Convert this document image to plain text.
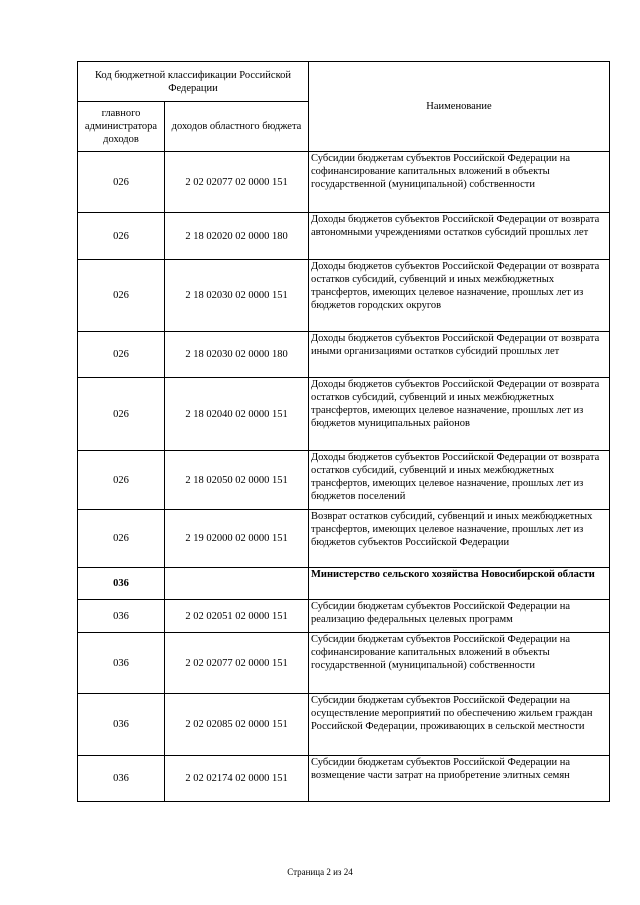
Код бюджетной классификации Российской Федерации		Наименование
главного администратора доходов	доходов областного бюджета	
026	2 02 02077 02 0000 151	Субсидии бюджетам субъектов Российской Федерации на софинансирование капитальных вложений в объекты государственной (муниципальной) собственности
026	2 18 02020 02 0000 180	Доходы бюджетов субъектов Российской Федерации от возврата автономными учреждениями остатков субсидий прошлых лет
026	2 18 02030 02 0000 151	Доходы бюджетов субъектов Российской Федерации от возврата остатков субсидий, субвенций и иных межбюджетных трансфертов, имеющих целевое назначение, прошлых лет из бюджетов городских округов
026	2 18 02030 02 0000 180	Доходы бюджетов субъектов Российской Федерации от возврата иными организациями остатков субсидий прошлых лет
026	2 18 02040 02 0000 151	Доходы бюджетов субъектов Российской Федерации от возврата остатков субсидий, субвенций и иных межбюджетных трансфертов, имеющих целевое назначение, прошлых лет из бюджетов муниципальных районов
026	2 18 02050 02 0000 151	Доходы бюджетов субъектов Российской Федерации от возврата остатков субсидий, субвенций и иных межбюджетных трансфертов, имеющих целевое назначение, прошлых лет из бюджетов поселений
026	2 19 02000 02 0000 151	Возврат остатков субсидий, субвенций и иных межбюджетных трансфертов, имеющих целевое назначение, прошлых лет из бюджетов субъектов Российской Федерации
036		Министерство сельского хозяйства Новосибирской области
036	2 02 02051 02 0000 151	Субсидии бюджетам субъектов Российской Федерации на реализацию федеральных целевых программ
036	2 02 02077 02 0000 151	Субсидии бюджетам субъектов Российской Федерации на софинансирование капитальных вложений в объекты государственной (муниципальной) собственности
036	2 02 02085 02 0000 151	Субсидии бюджетам субъектов Российской Федерации на осуществление мероприятий по обеспечению жильем граждан Российской Федерации, проживающих в сельской местности
036	2 02 02174 02 0000 151	Субсидии бюджетам субъектов Российской Федерации на возмещение части затрат на приобретение элитных семян
Страница 2 из 24
